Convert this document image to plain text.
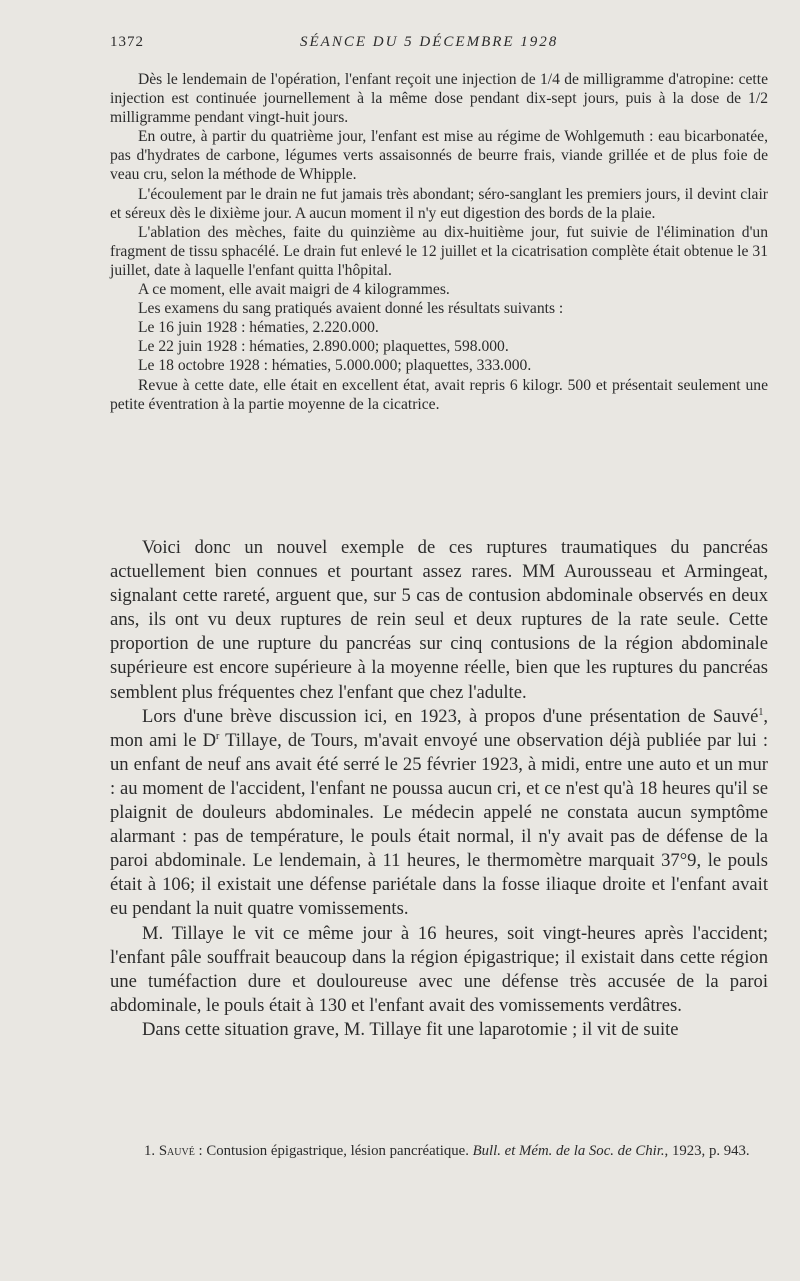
1372	SÉANCE DU 5 DÉCEMBRE 1928

Dès le lendemain de l'opération, l'enfant reçoit une injection de 1/4 de milligramme d'atropine: cette injection est continuée journellement à la même dose pendant dix-sept jours, puis à la dose de 1/2 milligramme pendant vingt-huit jours.

En outre, à partir du quatrième jour, l'enfant est mise au régime de Wohlgemuth : eau bicarbonatée, pas d'hydrates de carbone, légumes verts assaisonnés de beurre frais, viande grillée et de plus foie de veau cru, selon la méthode de Whipple.

L'écoulement par le drain ne fut jamais très abondant; séro-sanglant les premiers jours, il devint clair et séreux dès le dixième jour. A aucun moment il n'y eut digestion des bords de la plaie.

L'ablation des mèches, faite du quinzième au dix-huitième jour, fut suivie de l'élimination d'un fragment de tissu sphacélé. Le drain fut enlevé le 12 juillet et la cicatrisation complète était obtenue le 31 juillet, date à laquelle l'enfant quitta l'hôpital.

A ce moment, elle avait maigri de 4 kilogrammes.

Les examens du sang pratiqués avaient donné les résultats suivants :

Le 16 juin 1928 : hématies, 2.220.000.

Le 22 juin 1928 : hématies, 2.890.000; plaquettes, 598.000.

Le 18 octobre 1928 : hématies, 5.000.000; plaquettes, 333.000.

Revue à cette date, elle était en excellent état, avait repris 6 kilogr. 500 et présentait seulement une petite éventration à la partie moyenne de la cicatrice.

Voici donc un nouvel exemple de ces ruptures traumatiques du pancréas actuellement bien connues et pourtant assez rares. MM Aurousseau et Armingeat, signalant cette rareté, arguent que, sur 5 cas de contusion abdominale observés en deux ans, ils ont vu deux ruptures de rein seul et deux ruptures de la rate seule. Cette proportion de une rupture du pancréas sur cinq contusions de la région abdominale supérieure est encore supérieure à la moyenne réelle, bien que les ruptures du pancréas semblent plus fréquentes chez l'enfant que chez l'adulte.

Lors d'une brève discussion ici, en 1923, à propos d'une présentation de Sauvé$^1$, mon ami le $D^r$ Tillaye, de Tours, m'avait envoyé une observation déjà publiée par lui : un enfant de neuf ans avait été serré le 25 février 1923, à midi, entre une auto et un mur : au moment de l'accident, l'enfant ne poussa aucun cri, et ce n'est qu'à 18 heures qu'il se plaignit de douleurs abdominales. Le médecin appelé ne constata aucun symptôme alarmant : pas de température, le pouls était normal, il n'y avait pas de défense de la paroi abdominale. Le lendemain, à 11 heures, le thermomètre marquait 37°9, le pouls était à 106; il existait une défense pariétale dans la fosse iliaque droite et l'enfant avait eu pendant la nuit quatre vomissements.

M. Tillaye le vit ce même jour à 16 heures, soit vingt-heures après l'accident; l'enfant pâle souffrait beaucoup dans la région épigastrique; il existait dans cette région une tuméfaction dure et douloureuse avec une défense très accusée de la paroi abdominale, le pouls était à 130 et l'enfant avait des vomissements verdâtres.

Dans cette situation grave, M. Tillaye fit une laparotomie ; il vit de suite

1. Sauvé : Contusion épigastrique, lésion pancréatique. Bull. et Mém. de la Soc. de Chir., 1923, p. 943.
